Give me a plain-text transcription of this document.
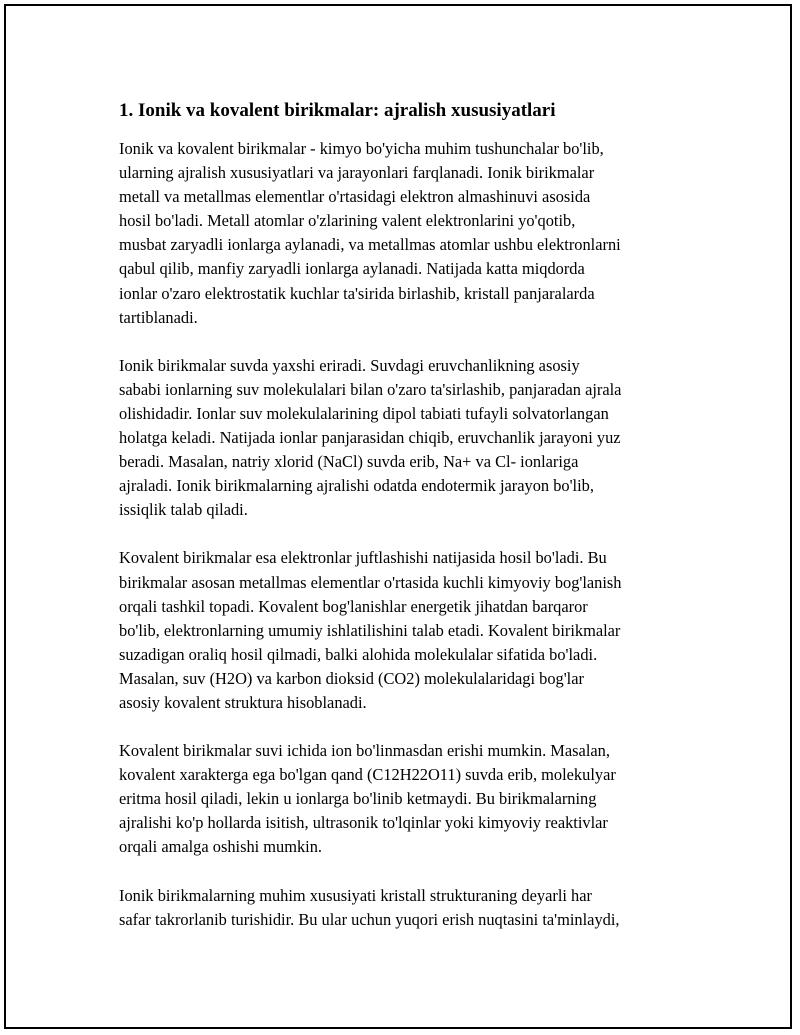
1. Ionik va kovalent birikmalar: ajralish xususiyatlari

Ionik va kovalent birikmalar - kimyo bo'yicha muhim tushunchalar bo'lib,
ularning ajralish xususiyatlari va jarayonlari farqlanadi. Ionik birikmalar
metall va metallmas elementlar o'rtasidagi elektron almashinuvi asosida
hosil bo'ladi. Metall atomlar o'zlarining valent elektronlarini yo'qotib,
musbat zaryadli ionlarga aylanadi, va metallmas atomlar ushbu elektronlarni
qabul qilib, manfiy zaryadli ionlarga aylanadi. Natijada katta miqdorda
ionlar o'zaro elektrostatik kuchlar ta'sirida birlashib, kristall panjaralarda
tartiblanadi.

Ionik birikmalar suvda yaxshi eriradi. Suvdagi eruvchanlikning asosiy
sababi ionlarning suv molekulalari bilan o'zaro ta'sirlashib, panjaradan ajrala
olishidadir. Ionlar suv molekulalarining dipol tabiati tufayli solvatorlangan
holatga keladi. Natijada ionlar panjarasidan chiqib, eruvchanlik jarayoni yuz
beradi. Masalan, natriy xlorid (NaCl) suvda erib, Na+ va Cl- ionlariga
ajraladi. Ionik birikmalarning ajralishi odatda endotermik jarayon bo'lib,
issiqlik talab qiladi.

Kovalent birikmalar esa elektronlar juftlashishi natijasida hosil bo'ladi. Bu
birikmalar asosan metallmas elementlar o'rtasida kuchli kimyoviy bog'lanish
orqali tashkil topadi. Kovalent bog'lanishlar energetik jihatdan barqaror
bo'lib, elektronlarning umumiy ishlatilishini talab etadi. Kovalent birikmalar
suzadigan oraliq hosil qilmadi, balki alohida molekulalar sifatida bo'ladi.
Masalan, suv (H2O) va karbon dioksid (CO2) molekulalaridagi bog'lar
asosiy kovalent struktura hisoblanadi.

Kovalent birikmalar suvi ichida ion bo'linmasdan erishi mumkin. Masalan,
kovalent xarakterga ega bo'lgan qand (C12H22O11) suvda erib, molekulyar
eritma hosil qiladi, lekin u ionlarga bo'linib ketmaydi. Bu birikmalarning
ajralishi ko'p hollarda isitish, ultrasonik to'lqinlar yoki kimyoviy reaktivlar
orqali amalga oshishi mumkin.

Ionik birikmalarning muhim xususiyati kristall strukturaning deyarli har
safar takrorlanib turishidir. Bu ular uchun yuqori erish nuqtasini ta'minlaydi,
